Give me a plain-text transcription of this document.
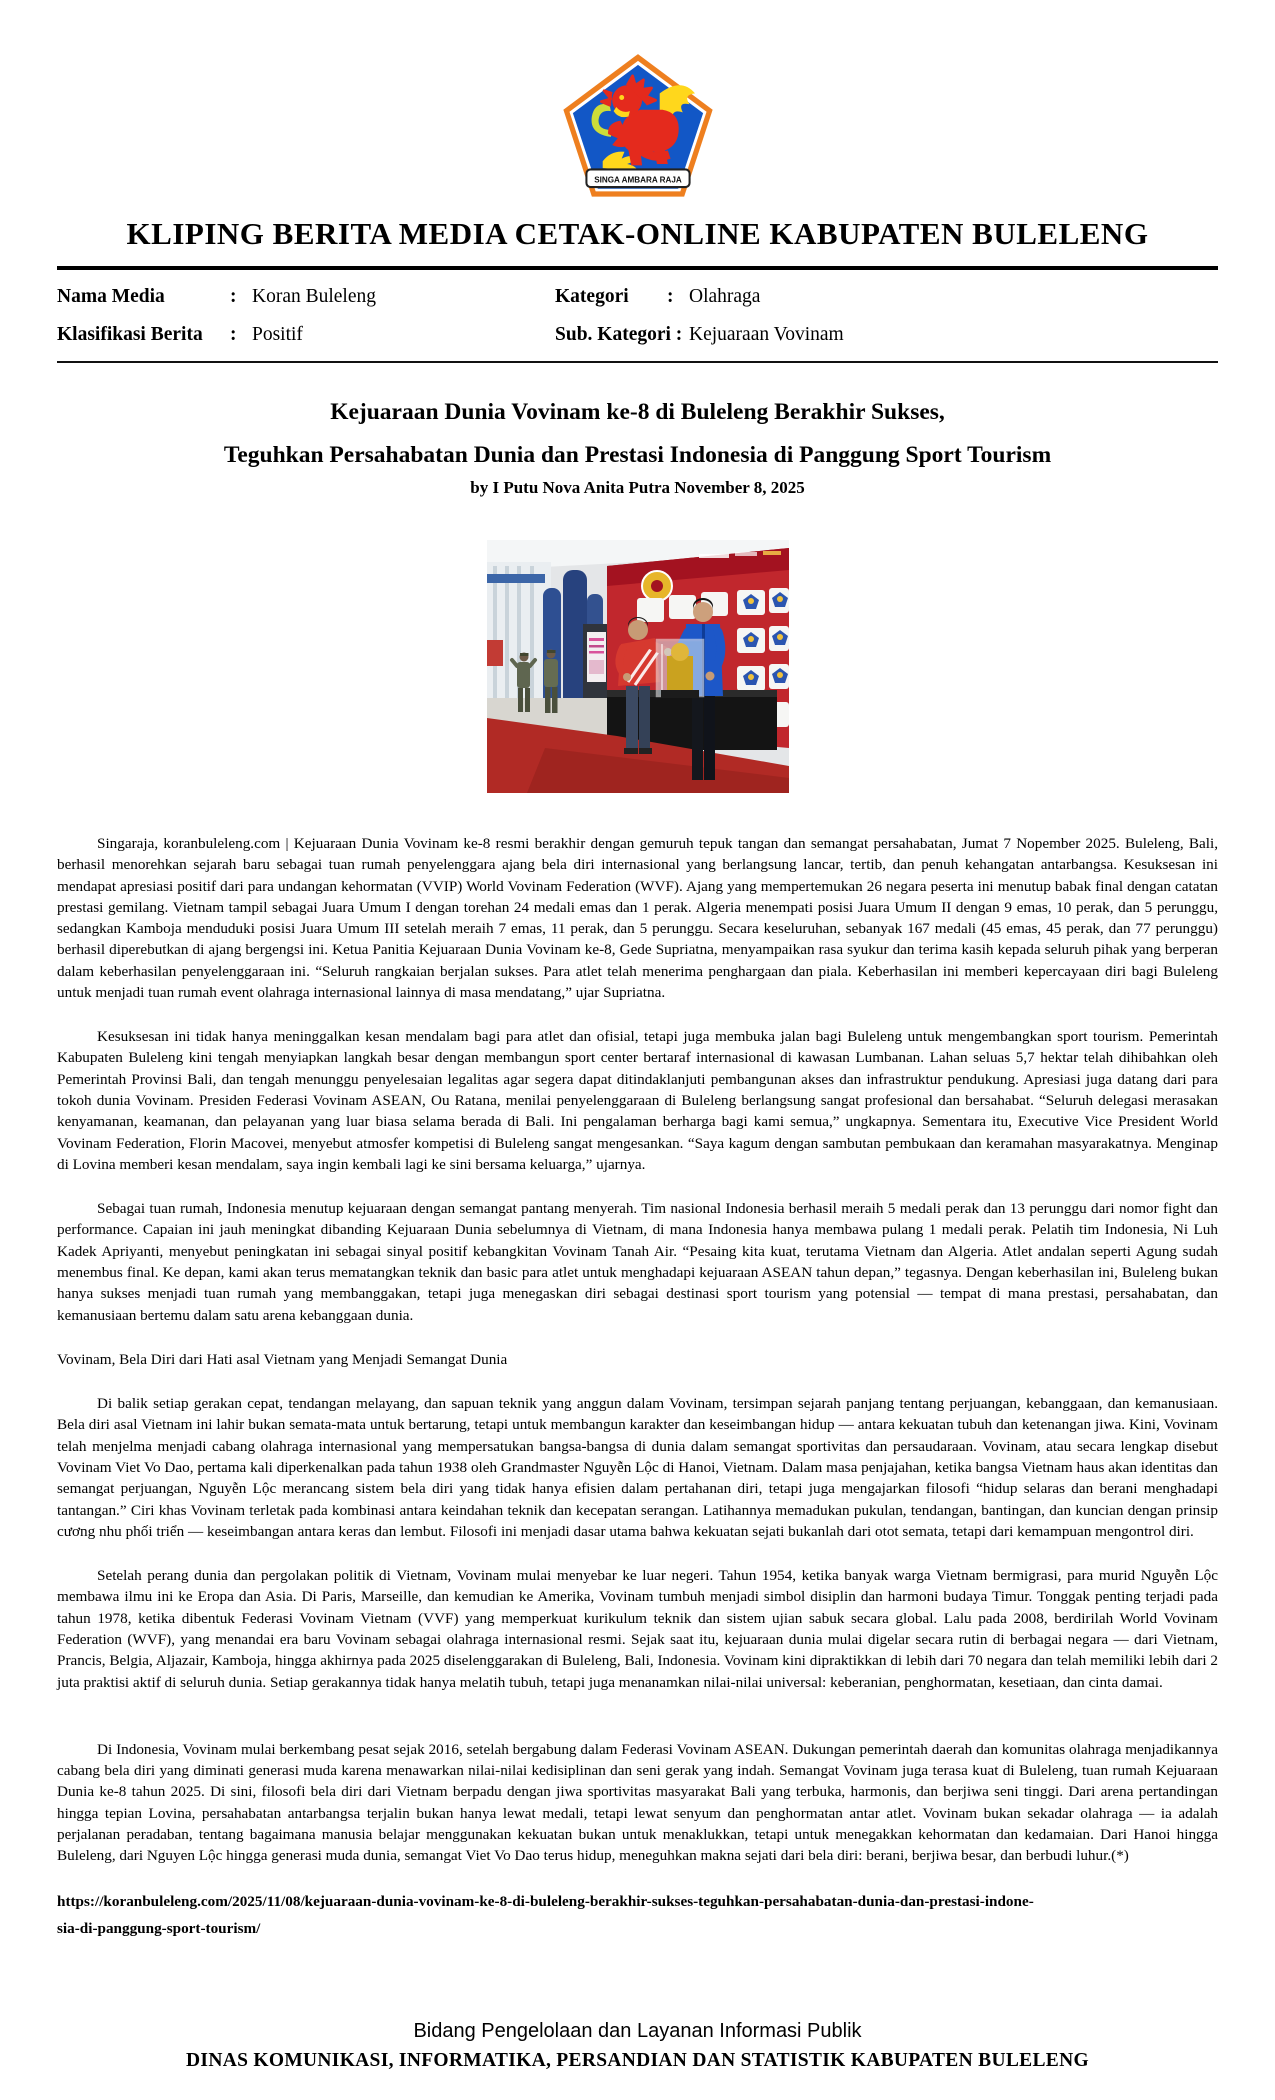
SINGA AMBARA RAJA
KLIPING BERITA MEDIA CETAK-ONLINE KABUPATEN BULELENG
Nama Media	: Koran Buleleng	Kategori	: Olahraga
Klasifikasi Berita	: Positif	Sub. Kategori : Kejuaraan Vovinam
Kejuaraan Dunia Vovinam ke-8 di Buleleng Berakhir Sukses,
Teguhkan Persahabatan Dunia dan Prestasi Indonesia di Panggung Sport Tourism
by I Putu Nova Anita Putra November 8, 2025

Singaraja, koranbuleleng.com | Kejuaraan Dunia Vovinam ke-8 resmi berakhir dengan gemuruh tepuk tangan dan semangat persahabatan, Jumat 7 Nopember 2025. Buleleng, Bali, berhasil menorehkan sejarah baru sebagai tuan rumah penyelenggara ajang bela diri internasional yang berlangsung lancar, tertib, dan penuh kehangatan antarbangsa. Kesuksesan ini mendapat apresiasi positif dari para undangan kehormatan (VVIP) World Vovinam Federation (WVF). Ajang yang mempertemukan 26 negara peserta ini menutup babak final dengan catatan prestasi gemilang. Vietnam tampil sebagai Juara Umum I dengan torehan 24 medali emas dan 1 perak. Algeria menempati posisi Juara Umum II dengan 9 emas, 10 perak, dan 5 perunggu, sedangkan Kamboja menduduki posisi Juara Umum III setelah meraih 7 emas, 11 perak, dan 5 perunggu. Secara keseluruhan, sebanyak 167 medali (45 emas, 45 perak, dan 77 perunggu) berhasil diperebutkan di ajang bergengsi ini. Ketua Panitia Kejuaraan Dunia Vovinam ke-8, Gede Supriatna, menyampaikan rasa syukur dan terima kasih kepada seluruh pihak yang berperan dalam keberhasilan penyelenggaraan ini. “Seluruh rangkaian berjalan sukses. Para atlet telah menerima penghargaan dan piala. Keberhasilan ini memberi kepercayaan diri bagi Buleleng untuk menjadi tuan rumah event olahraga internasional lainnya di masa mendatang,” ujar Supriatna.

Kesuksesan ini tidak hanya meninggalkan kesan mendalam bagi para atlet dan ofisial, tetapi juga membuka jalan bagi Buleleng untuk mengembangkan sport tourism. Pemerintah Kabupaten Buleleng kini tengah menyiapkan langkah besar dengan membangun sport center bertaraf internasional di kawasan Lumbanan. Lahan seluas 5,7 hektar telah dihibahkan oleh Pemerintah Provinsi Bali, dan tengah menunggu penyelesaian legalitas agar segera dapat ditindaklanjuti pembangunan akses dan infrastruktur pendukung. Apresiasi juga datang dari para tokoh dunia Vovinam. Presiden Federasi Vovinam ASEAN, Ou Ratana, menilai penyelenggaraan di Buleleng berlangsung sangat profesional dan bersahabat. “Seluruh delegasi merasakan kenyamanan, keamanan, dan pelayanan yang luar biasa selama berada di Bali. Ini pengalaman berharga bagi kami semua,” ungkapnya. Sementara itu, Executive Vice President World Vovinam Federation, Florin Macovei, menyebut atmosfer kompetisi di Buleleng sangat mengesankan. “Saya kagum dengan sambutan pembukaan dan keramahan masyarakatnya. Menginap di Lovina memberi kesan mendalam, saya ingin kembali lagi ke sini bersama keluarga,” ujarnya.

Sebagai tuan rumah, Indonesia menutup kejuaraan dengan semangat pantang menyerah. Tim nasional Indonesia berhasil meraih 5 medali perak dan 13 perunggu dari nomor fight dan performance. Capaian ini jauh meningkat dibanding Kejuaraan Dunia sebelumnya di Vietnam, di mana Indonesia hanya membawa pulang 1 medali perak. Pelatih tim Indonesia, Ni Luh Kadek Apriyanti, menyebut peningkatan ini sebagai sinyal positif kebangkitan Vovinam Tanah Air. “Pesaing kita kuat, terutama Vietnam dan Algeria. Atlet andalan seperti Agung sudah menembus final. Ke depan, kami akan terus mematangkan teknik dan basic para atlet untuk menghadapi kejuaraan ASEAN tahun depan,” tegasnya. Dengan keberhasilan ini, Buleleng bukan hanya sukses menjadi tuan rumah yang membanggakan, tetapi juga menegaskan diri sebagai destinasi sport tourism yang potensial — tempat di mana prestasi, persahabatan, dan kemanusiaan bertemu dalam satu arena kebanggaan dunia.

Vovinam, Bela Diri dari Hati asal Vietnam yang Menjadi Semangat Dunia

Di balik setiap gerakan cepat, tendangan melayang, dan sapuan teknik yang anggun dalam Vovinam, tersimpan sejarah panjang tentang perjuangan, kebanggaan, dan kemanusiaan. Bela diri asal Vietnam ini lahir bukan semata-mata untuk bertarung, tetapi untuk membangun karakter dan keseimbangan hidup — antara kekuatan tubuh dan ketenangan jiwa. Kini, Vovinam telah menjelma menjadi cabang olahraga internasional yang mempersatukan bangsa-bangsa di dunia dalam semangat sportivitas dan persaudaraan. Vovinam, atau secara lengkap disebut Vovinam Viet Vo Dao, pertama kali diperkenalkan pada tahun 1938 oleh Grandmaster Nguyễn Lộc di Hanoi, Vietnam. Dalam masa penjajahan, ketika bangsa Vietnam haus akan identitas dan semangat perjuangan, Nguyễn Lộc merancang sistem bela diri yang tidak hanya efisien dalam pertahanan diri, tetapi juga mengajarkan filosofi “hidup selaras dan berani menghadapi tantangan.” Ciri khas Vovinam terletak pada kombinasi antara keindahan teknik dan kecepatan serangan. Latihannya memadukan pukulan, tendangan, bantingan, dan kuncian dengan prinsip cương nhu phối triển — keseimbangan antara keras dan lembut. Filosofi ini menjadi dasar utama bahwa kekuatan sejati bukanlah dari otot semata, tetapi dari kemampuan mengontrol diri.

Setelah perang dunia dan pergolakan politik di Vietnam, Vovinam mulai menyebar ke luar negeri. Tahun 1954, ketika banyak warga Vietnam bermigrasi, para murid Nguyễn Lộc membawa ilmu ini ke Eropa dan Asia. Di Paris, Marseille, dan kemudian ke Amerika, Vovinam tumbuh menjadi simbol disiplin dan harmoni budaya Timur. Tonggak penting terjadi pada tahun 1978, ketika dibentuk Federasi Vovinam Vietnam (VVF) yang memperkuat kurikulum teknik dan sistem ujian sabuk secara global. Lalu pada 2008, berdirilah World Vovinam Federation (WVF), yang menandai era baru Vovinam sebagai olahraga internasional resmi. Sejak saat itu, kejuaraan dunia mulai digelar secara rutin di berbagai negara — dari Vietnam, Prancis, Belgia, Aljazair, Kamboja, hingga akhirnya pada 2025 diselenggarakan di Buleleng, Bali, Indonesia. Vovinam kini dipraktikkan di lebih dari 70 negara dan telah memiliki lebih dari 2 juta praktisi aktif di seluruh dunia. Setiap gerakannya tidak hanya melatih tubuh, tetapi juga menanamkan nilai-nilai universal: keberanian, penghormatan, kesetiaan, dan cinta damai.

Di Indonesia, Vovinam mulai berkembang pesat sejak 2016, setelah bergabung dalam Federasi Vovinam ASEAN. Dukungan pemerintah daerah dan komunitas olahraga menjadikannya cabang bela diri yang diminati generasi muda karena menawarkan nilai-nilai kedisiplinan dan seni gerak yang indah. Semangat Vovinam juga terasa kuat di Buleleng, tuan rumah Kejuaraan Dunia ke-8 tahun 2025. Di sini, filosofi bela diri dari Vietnam berpadu dengan jiwa sportivitas masyarakat Bali yang terbuka, harmonis, dan berjiwa seni tinggi. Dari arena pertandingan hingga tepian Lovina, persahabatan antarbangsa terjalin bukan hanya lewat medali, tetapi lewat senyum dan penghormatan antar atlet. Vovinam bukan sekadar olahraga — ia adalah perjalanan peradaban, tentang bagaimana manusia belajar menggunakan kekuatan bukan untuk menaklukkan, tetapi untuk menegakkan kehormatan dan kedamaian. Dari Hanoi hingga Buleleng, dari Nguyen Lộc hingga generasi muda dunia, semangat Viet Vo Dao terus hidup, meneguhkan makna sejati dari bela diri: berani, berjiwa besar, dan berbudi luhur.(*)

https://koranbuleleng.com/2025/11/08/kejuaraan-dunia-vovinam-ke-8-di-buleleng-berakhir-sukses-teguhkan-persahabatan-dunia-dan-prestasi-indone-
sia-di-panggung-sport-tourism/
Bidang Pengelolaan dan Layanan Informasi Publik
DINAS KOMUNIKASI, INFORMATIKA, PERSANDIAN DAN STATISTIK KABUPATEN BULELENG
